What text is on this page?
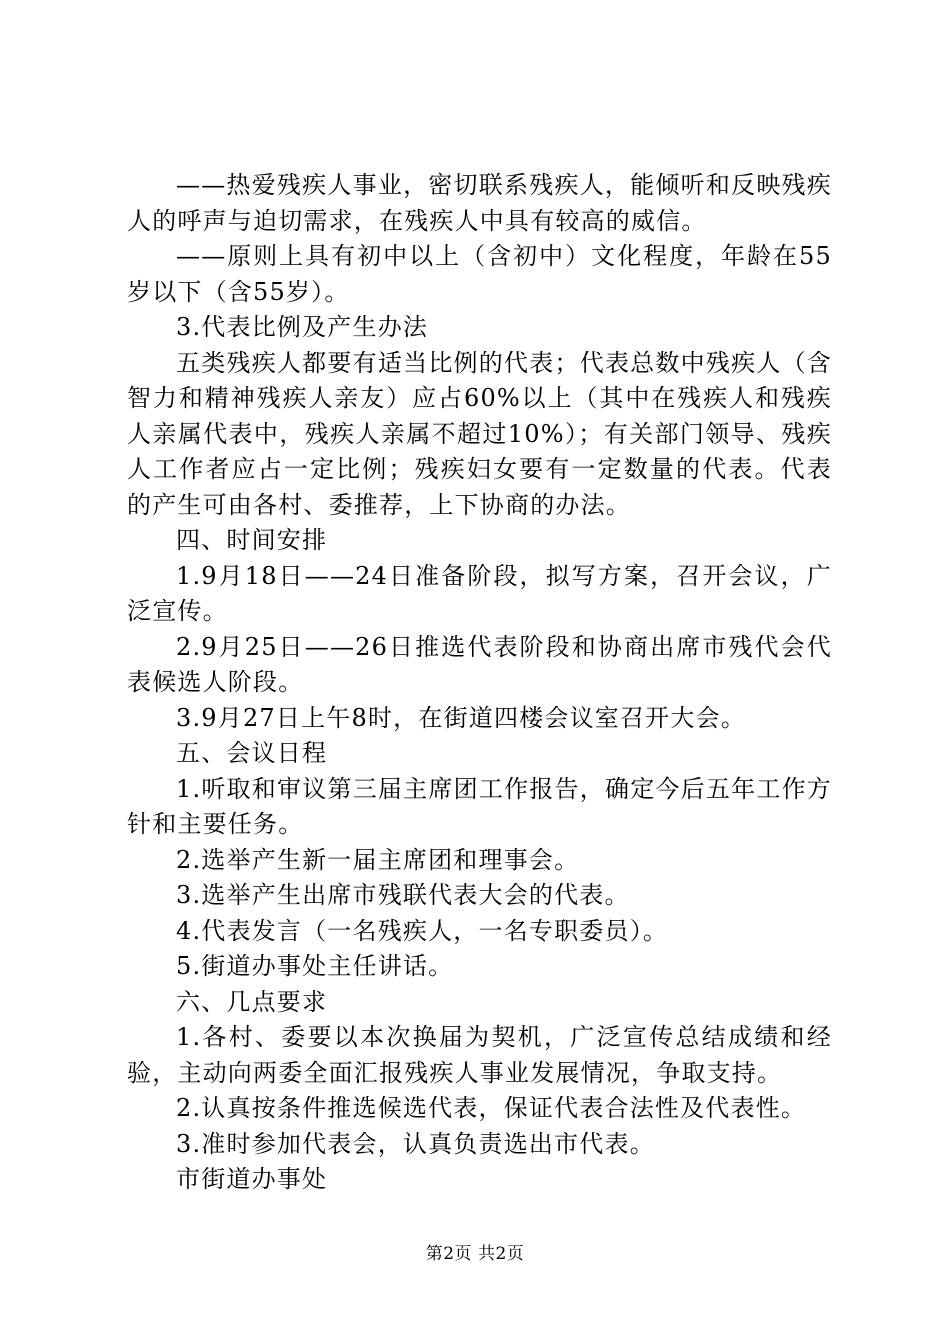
——热爱残疾人事业，密切联系残疾人，能倾听和反映残疾人的呼声与迫切需求，在残疾人中具有较高的威信。

——原则上具有初中以上（含初中）文化程度，年龄在55岁以下（含55岁）。

3.代表比例及产生办法

五类残疾人都要有适当比例的代表；代表总数中残疾人（含智力和精神残疾人亲友）应占60%以上（其中在残疾人和残疾人亲属代表中，残疾人亲属不超过10%）；有关部门领导、残疾人工作者应占一定比例；残疾妇女要有一定数量的代表。代表的产生可由各村、委推荐，上下协商的办法。

四、时间安排

1.9月18日——24日准备阶段，拟写方案，召开会议，广泛宣传。

2.9月25日——26日推选代表阶段和协商出席市残代会代表候选人阶段。

3.9月27日上午8时，在街道四楼会议室召开大会。

五、会议日程

1.听取和审议第三届主席团工作报告，确定今后五年工作方针和主要任务。

2.选举产生新一届主席团和理事会。

3.选举产生出席市残联代表大会的代表。

4.代表发言（一名残疾人，一名专职委员）。

5.街道办事处主任讲话。

六、几点要求

1.各村、委要以本次换届为契机，广泛宣传总结成绩和经验，主动向两委全面汇报残疾人事业发展情况，争取支持。

2.认真按条件推选候选代表，保证代表合法性及代表性。

3.准时参加代表会，认真负责选出市代表。

市街道办事处

第2页 共2页
